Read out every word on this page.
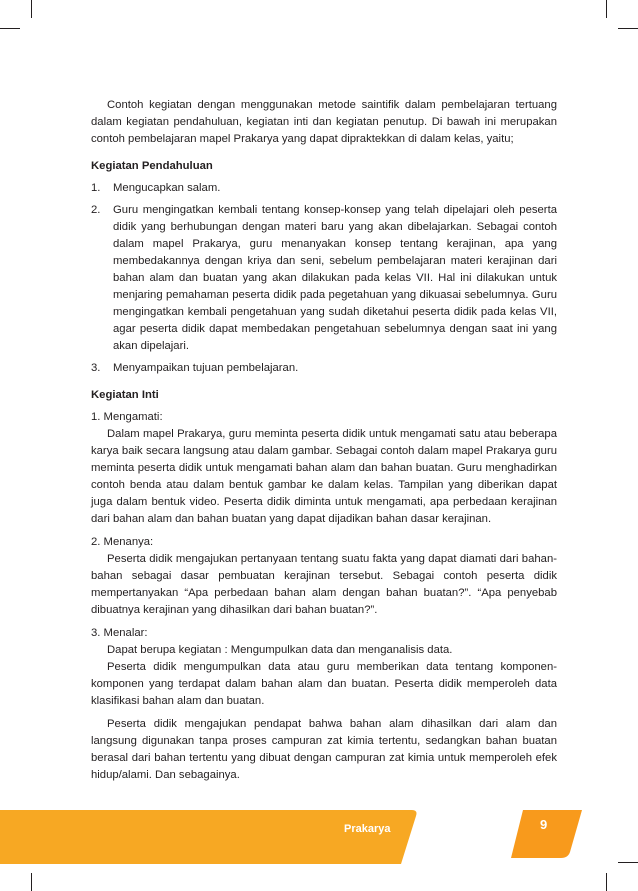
Contoh kegiatan dengan menggunakan metode saintifik dalam pembelajaran tertuang dalam kegiatan pendahuluan, kegiatan inti dan kegiatan penutup. Di bawah ini merupakan contoh pembelajaran mapel Prakarya yang dapat dipraktekkan di dalam kelas, yaitu;

Kegiatan Pendahuluan

1. Mengucapkan salam.
2. Guru mengingatkan kembali tentang konsep-konsep yang telah dipelajari oleh peserta didik yang berhubungan dengan materi baru yang akan dibelajarkan. Sebagai contoh dalam mapel Prakarya, guru menanyakan konsep tentang kerajinan, apa yang membedakannya dengan kriya dan seni, sebelum pembelajaran materi kerajinan dari bahan alam dan buatan yang akan dilakukan pada kelas VII. Hal ini dilakukan untuk menjaring pemahaman peserta didik pada pegetahuan yang dikuasai sebelumnya. Guru mengingatkan kembali pengetahuan yang sudah diketahui peserta didik pada kelas VII, agar peserta didik dapat membedakan pengetahuan sebelumnya dengan saat ini yang akan dipelajari.
3. Menyampaikan tujuan pembelajaran.

Kegiatan Inti

1. Mengamati:

Dalam mapel Prakarya, guru meminta peserta didik untuk mengamati satu atau beberapa karya baik secara langsung atau dalam gambar. Sebagai contoh dalam mapel Prakarya guru meminta peserta didik untuk mengamati bahan alam dan bahan buatan. Guru menghadirkan contoh benda atau dalam bentuk gambar ke dalam kelas. Tampilan yang diberikan dapat juga dalam bentuk video. Peserta didik diminta untuk mengamati, apa perbedaan kerajinan dari bahan alam dan bahan buatan yang dapat dijadikan bahan dasar kerajinan.

2. Menanya:

Peserta didik mengajukan pertanyaan tentang suatu fakta yang dapat diamati dari bahan-bahan sebagai dasar pembuatan kerajinan tersebut. Sebagai contoh peserta didik mempertanyakan “Apa perbedaan bahan alam dengan bahan buatan?”. “Apa penyebab dibuatnya kerajinan yang dihasilkan dari bahan buatan?”.

3. Menalar:

Dapat berupa kegiatan : Mengumpulkan data dan menganalisis data.

Peserta didik mengumpulkan data atau guru memberikan data tentang komponen-komponen yang terdapat dalam bahan alam dan buatan. Peserta didik memperoleh data klasifikasi bahan alam dan buatan.

Peserta didik mengajukan pendapat bahwa bahan alam dihasilkan dari alam dan langsung digunakan tanpa proses campuran zat kimia tertentu, sedangkan bahan buatan berasal dari bahan tertentu yang dibuat dengan campuran zat kimia untuk memperoleh efek hidup/alami. Dan sebagainya.

Prakarya	9
